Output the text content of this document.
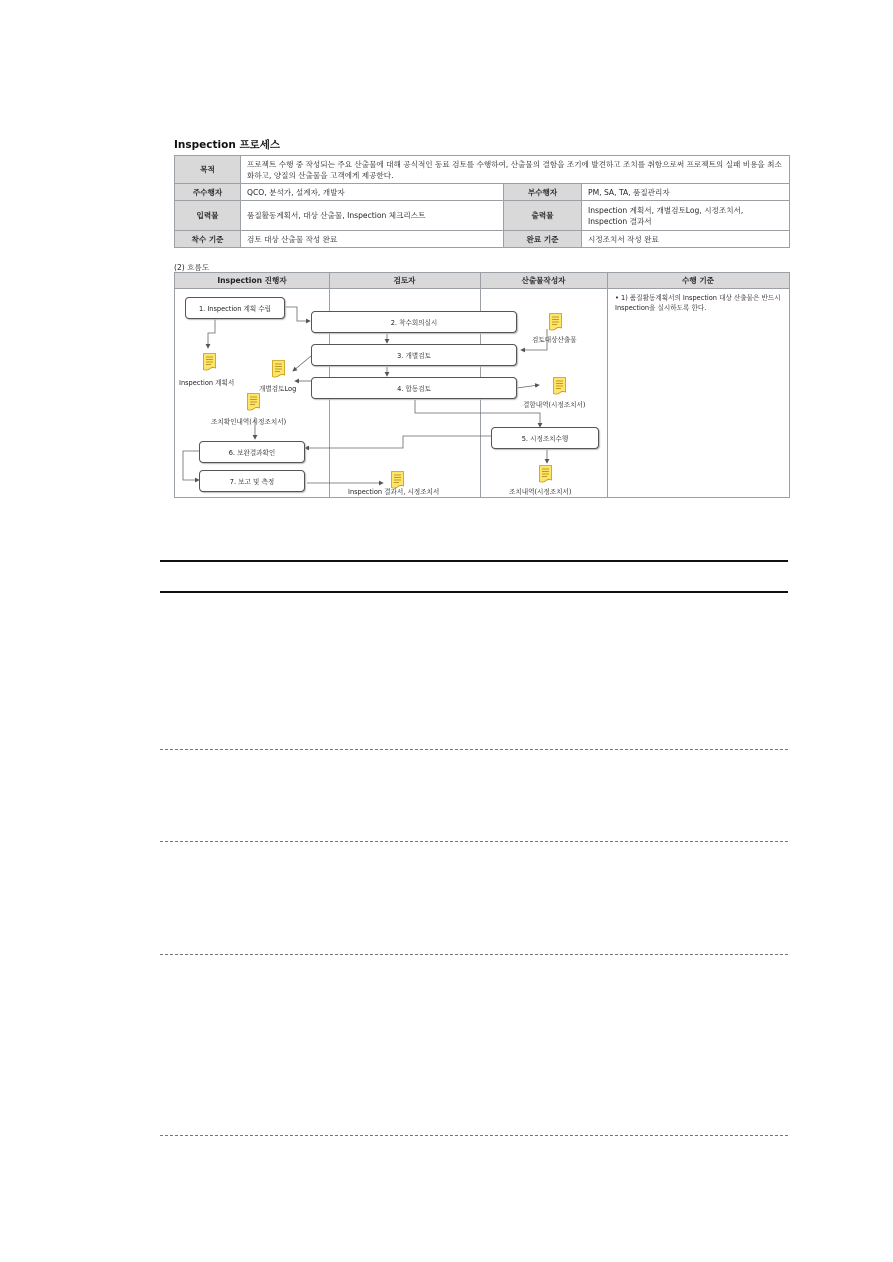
Inspection 프로세스
목적	프로젝트 수행 중 작성되는 주요 산출물에 대해 공식적인 동료 검토를 수행하여, 산출물의 결함을 조기에 발견하고 조치를 취함으로써 프로젝트의 실패 비용을 최소화하고, 양질의 산출물을 고객에게 제공한다.		
주수행자	QCO, 분석가, 설계자, 개발자	부수행자	PM, SA, TA, 품질관리자
입력물	품질활동계획서, 대상 산출물, Inspection 체크리스트	출력물	Inspection 계획서, 개별검토Log, 시정조치서, Inspection 결과서
착수 기준	검토 대상 산출물 작성 완료	완료 기준	시정조치서 작성 완료
(2) 흐름도
Inspection 진행자	검토자	산출물작성자	수행 기준
1. Inspection 계획 수립
2. 착수회의실시
3. 개별검토
4. 합동검토
5. 시정조치수행
6. 보완결과확인
7. 보고 및 측정
Inspection 계획서
개별검토Log
검토대상산출물
결함내역(시정조치서)
조치확인내역(시정조치서)
조치내역(시정조치서)
Inspection 결과서, 시정조치서
• 1) 품질활동계획서의 Inspection 대상 산출물은 반드시 Inspection을 실시하도록 한다.
